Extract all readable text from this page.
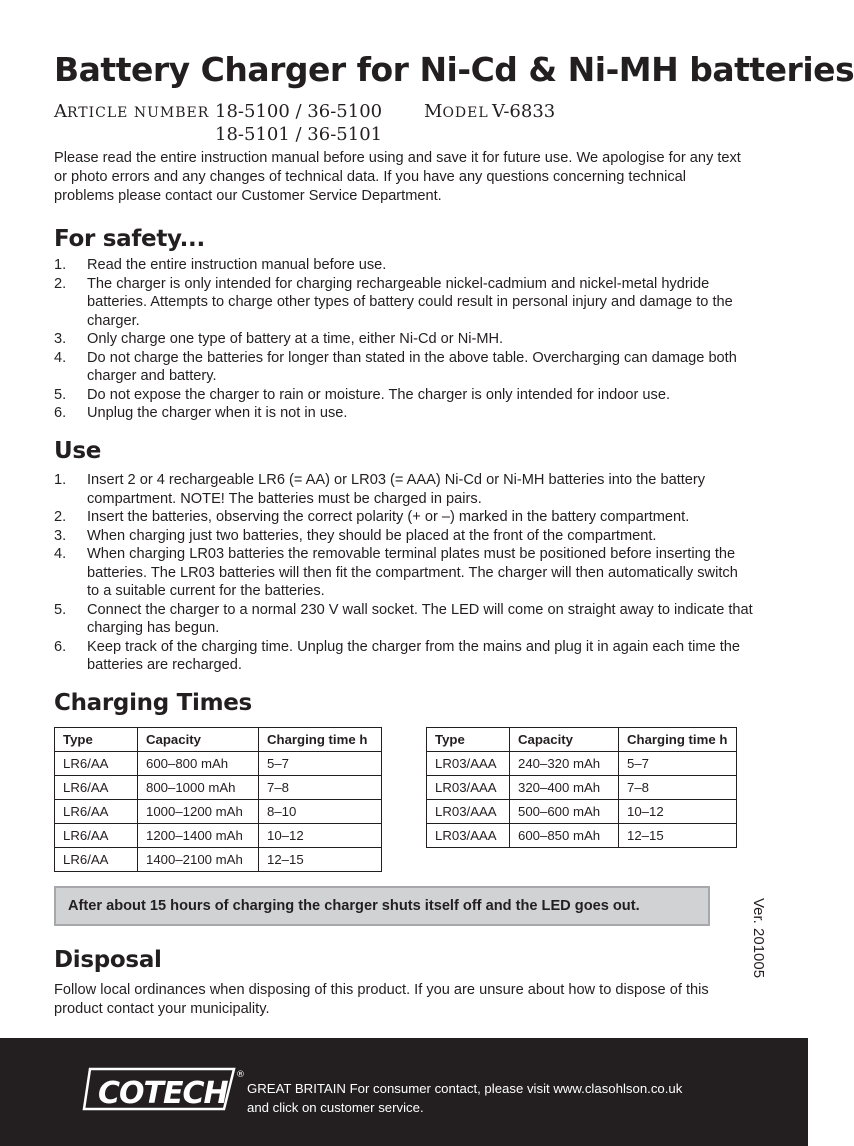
Battery Charger for Ni-Cd & Ni-MH batteries
ARTICLE NUMBER 18-5100 / 36-5100
18-5101 / 36-5101
MODEL V-6833

Please read the entire instruction manual before using and save it for future use. We apologise for any text or photo errors and any changes of technical data. If you have any questions concerning technical problems please contact our Customer Service Department.

For safety...
1. Read the entire instruction manual before use.
2. The charger is only intended for charging rechargeable nickel-cadmium and nickel-metal hydride batteries. Attempts to charge other types of battery could result in personal injury and damage to the charger.
3. Only charge one type of battery at a time, either Ni-Cd or Ni-MH.
4. Do not charge the batteries for longer than stated in the above table. Overcharging can damage both charger and battery.
5. Do not expose the charger to rain or moisture. The charger is only intended for indoor use.
6. Unplug the charger when it is not in use.
Use
1. Insert 2 or 4 rechargeable LR6 (= AA) or LR03 (= AAA) Ni-Cd or Ni-MH batteries into the battery compartment. NOTE! The batteries must be charged in pairs.
2. Insert the batteries, observing the correct polarity (+ or –) marked in the battery compartment.
3. When charging just two batteries, they should be placed at the front of the compartment.
4. When charging LR03 batteries the removable terminal plates must be positioned before inserting the batteries. The LR03 batteries will then fit the compartment. The charger will then automatically switch to a suitable current for the batteries.
5. Connect the charger to a normal 230 V wall socket. The LED will come on straight away to indicate that charging has begun.
6. Keep track of the charging time. Unplug the charger from the mains and plug it in again each time the batteries are recharged.
Charging Times
Type	Capacity	Charging time h
LR6/AA	600–800 mAh	5–7
LR6/AA	800–1000 mAh	7–8
LR6/AA	1000–1200 mAh	8–10
LR6/AA	1200–1400 mAh	10–12
LR6/AA	1400–2100 mAh	12–15
Type	Capacity	Charging time h
LR03/AAA	240–320 mAh	5–7
LR03/AAA	320–400 mAh	7–8
LR03/AAA	500–600 mAh	10–12
LR03/AAA	600–850 mAh	12–15
After about 15 hours of charging the charger shuts itself off and the LED goes out.	Ver. 201005
Disposal

Follow local ordinances when disposing of this product. If you are unsure about how to dispose of this product contact your municipality.

COTECH
®
GREAT BRITAIN For consumer contact, please visit www.clasohlson.co.uk
and click on customer service.
